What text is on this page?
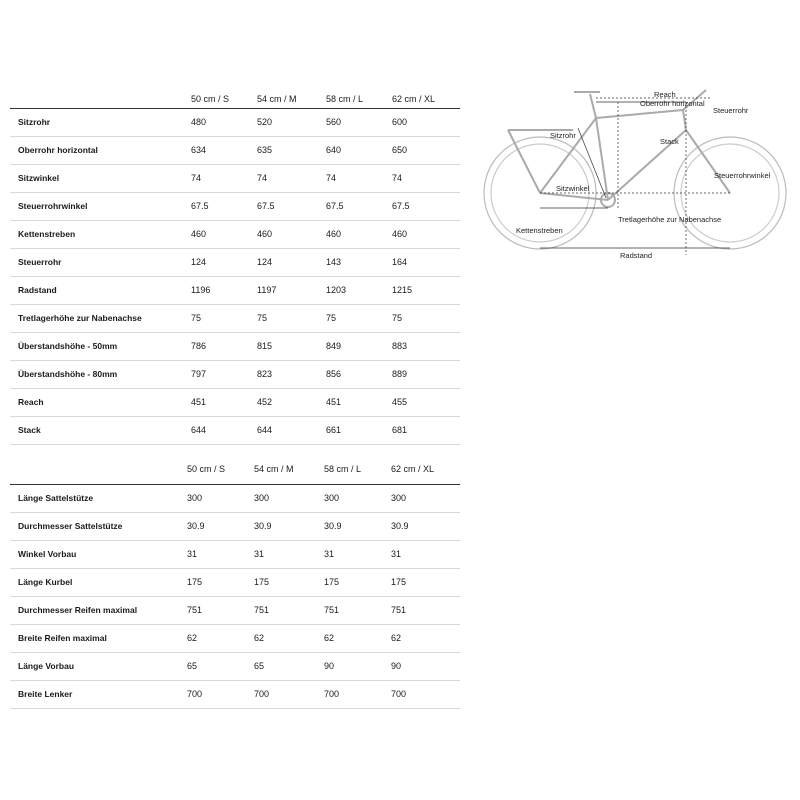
50 cm / S	54 cm / M	58 cm / L	62 cm / XL
Sitzrohr	480	520	560	600
Oberrohr horizontal	634	635	640	650
Sitzwinkel	74	74	74	74
Steuerrohrwinkel	67.5	67.5	67.5	67.5
Kettenstreben	460	460	460	460
Steuerrohr	124	124	143	164
Radstand	1196	1197	1203	1215
Tretlagerhöhe zur Nabenachse	75	75	75	75
Überstandshöhe - 50mm	786	815	849	883
Überstandshöhe - 80mm	797	823	856	889
Reach	451	452	451	455
Stack	644	644	661	681
50 cm / S	54 cm / M	58 cm / L	62 cm / XL
Länge Sattelstütze	300	300	300	300
Durchmesser Sattelstütze	30.9	30.9	30.9	30.9
Winkel Vorbau	31	31	31	31
Länge Kurbel	175	175	175	175
Durchmesser Reifen maximal	751	751	751	751
Breite Reifen maximal	62	62	62	62
Länge Vorbau	65	65	90	90
Breite Lenker	700	700	700	700
Reach
Oberrohr horizontal
Steuerrohr
Sitzrohr
Stack
Sitzwinkel
Steuerrohrwinkel
Tretlagerhöhe zur Nabenachse
Kettenstreben
Radstand
